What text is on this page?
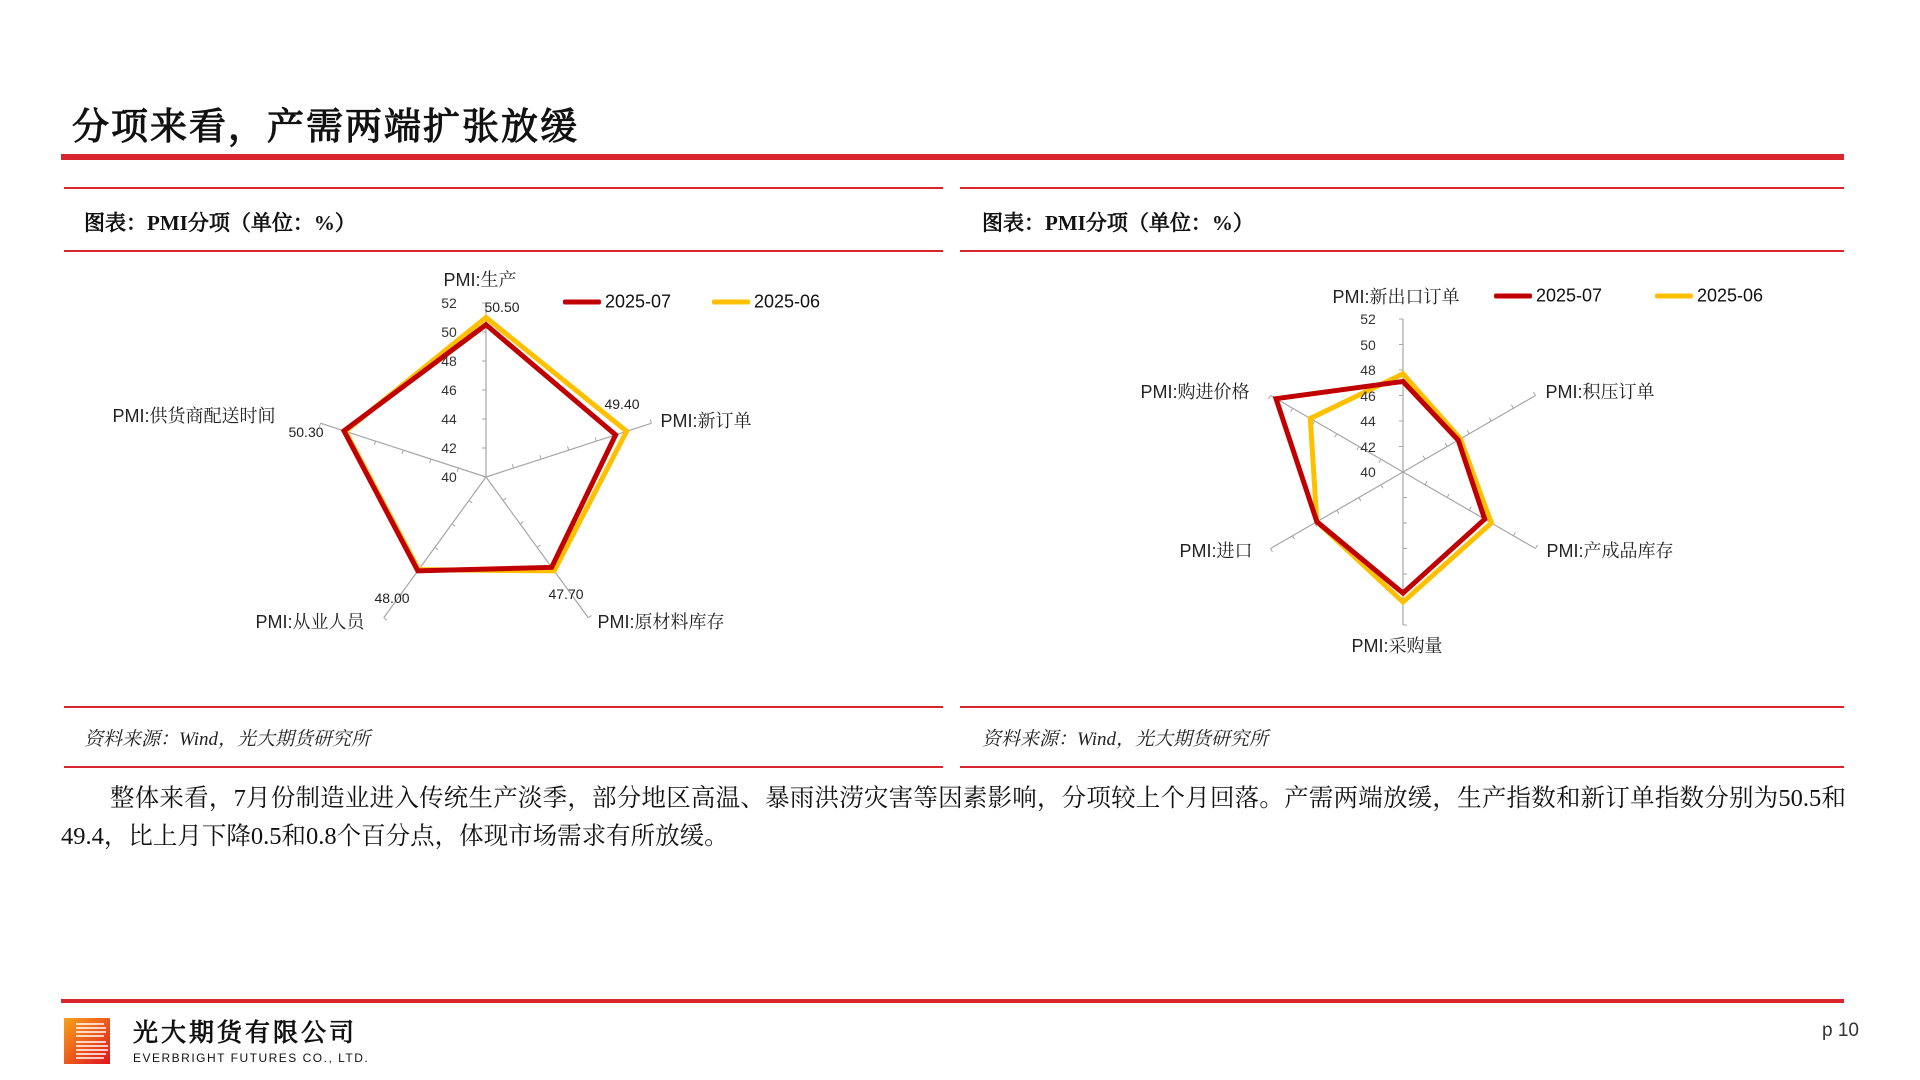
分项来看，产需两端扩张放缓
图表：PMI分项（单位：%）	图表：PMI分项（单位：%）
资料来源：Wind，光大期货研究所	资料来源：Wind，光大期货研究所
PMI:生产
PMI:新订单
PMI:原材料库存
PMI:从业人员
PMI:供货商配送时间
50.50
49.40
47.70
48.00
50.30
40
42
44
46
48
50
52	2025-07	2025-06	PMI:新出口订单
PMI:积压订单
PMI:产成品库存
PMI:采购量
PMI:进口
PMI:购进价格
40
42
44
46
48
50
52
2025-07	2025-06
整体来看，7月份制造业进入传统生产淡季，部分地区高温、暴雨洪涝灾害等因素影响，分项较上个月回落。产需两端放缓，生产指数和新订单指数分别为50.5和49.4，比上月下降0.5和0.8个百分点，体现市场需求有所放缓。
光大期货有限公司
EVERBRIGHT FUTURES CO., LTD.
p 10
